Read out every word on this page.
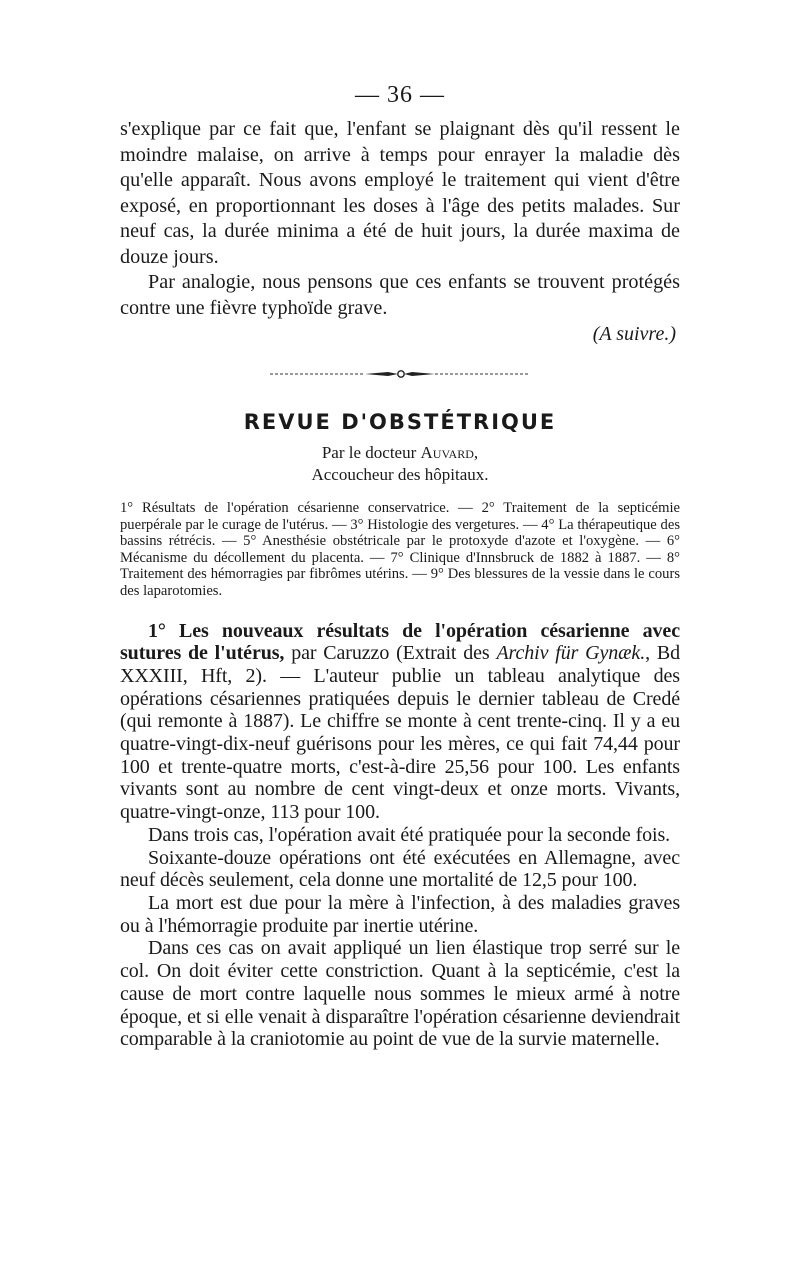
— 36 —

s'explique par ce fait que, l'enfant se plaignant dès qu'il ressent le moindre malaise, on arrive à temps pour enrayer la maladie dès qu'elle apparaît. Nous avons employé le traitement qui vient d'être exposé, en proportionnant les doses à l'âge des petits malades. Sur neuf cas, la durée minima a été de huit jours, la durée maxima de douze jours.

Par analogie, nous pensons que ces enfants se trouvent protégés contre une fièvre typhoïde grave.

(A suivre.)
REVUE D'OBSTÉTRIQUE
Par le docteur Auvard,
Accoucheur des hôpitaux.

1° Résultats de l'opération césarienne conservatrice. — 2° Traitement de la septicémie puerpérale par le curage de l'utérus. — 3° Histologie des vergetures. — 4° La thérapeutique des bassins rétrécis. — 5° Anesthésie obstétricale par le protoxyde d'azote et l'oxygène. — 6° Mécanisme du décollement du placenta. — 7° Clinique d'Innsbruck de 1882 à 1887. — 8° Traitement des hémorragies par fibrômes utérins. — 9° Des blessures de la vessie dans le cours des laparotomies.

1° Les nouveaux résultats de l'opération césarienne avec sutures de l'utérus, par Caruzzo (Extrait des Archiv für Gynæk., Bd XXXIII, Hft, 2). — L'auteur publie un tableau analytique des opérations césariennes pratiquées depuis le dernier tableau de Credé (qui remonte à 1887). Le chiffre se monte à cent trente-cinq. Il y a eu quatre-vingt-dix-neuf guérisons pour les mères, ce qui fait 74,44 pour 100 et trente-quatre morts, c'est-à-dire 25,56 pour 100. Les enfants vivants sont au nombre de cent vingt-deux et onze morts. Vivants, quatre-vingt-onze, 113 pour 100.

Dans trois cas, l'opération avait été pratiquée pour la seconde fois.

Soixante-douze opérations ont été exécutées en Allemagne, avec neuf décès seulement, cela donne une mortalité de 12,5 pour 100.

La mort est due pour la mère à l'infection, à des maladies graves ou à l'hémorragie produite par inertie utérine.

Dans ces cas on avait appliqué un lien élastique trop serré sur le col. On doit éviter cette constriction. Quant à la septicémie, c'est la cause de mort contre laquelle nous sommes le mieux armé à notre époque, et si elle venait à disparaître l'opération césarienne deviendrait comparable à la craniotomie au point de vue de la survie maternelle.
